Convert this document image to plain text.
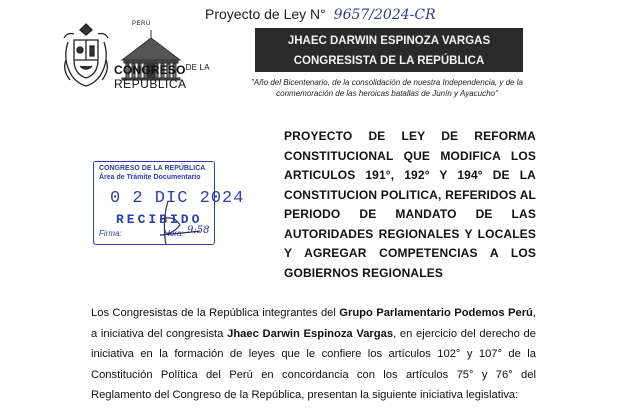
Proyecto de Ley N° 9657/2024-CR
PERÚ
$CONGRESO^{DE LA}$
REPÚBLICA
JHAEC DARWIN ESPINOZA VARGAS
CONGRESISTA DE LA REPÚBLICA
"Año del Bicentenario, de la consolidación de nuestra Independencia, y de la conmemoración de las heroicas batallas de Junín y Ayacucho"
PROYECTO DE LEY DE REFORMA CONSTITUCIONAL QUE MODIFICA LOS ARTICULOS 191°, 192° Y 194° DE LA CONSTITUCION POLITICA, REFERIDOS AL PERIODO DE MANDATO DE LAS AUTORIDADES REGIONALES Y LOCALES Y AGREGAR COMPETENCIAS A LOS GOBIERNOS REGIONALES
CONGRESO DE LA REPÚBLICA
Área de Trámite Documentario
0 2 DIC 2024
RECIBIDO
Firma:	Hora: 9:58
Los Congresistas de la República integrantes del Grupo Parlamentario Podemos Perú, a iniciativa del congresista Jhaec Darwin Espinoza Vargas, en ejercicio del derecho de iniciativa en la formación de leyes que le confiere los artículos 102° y 107° de la Constitución Política del Perú en concordancia con los artículos 75° y 76° del Reglamento del Congreso de la República, presentan la siguiente iniciativa legislativa:
